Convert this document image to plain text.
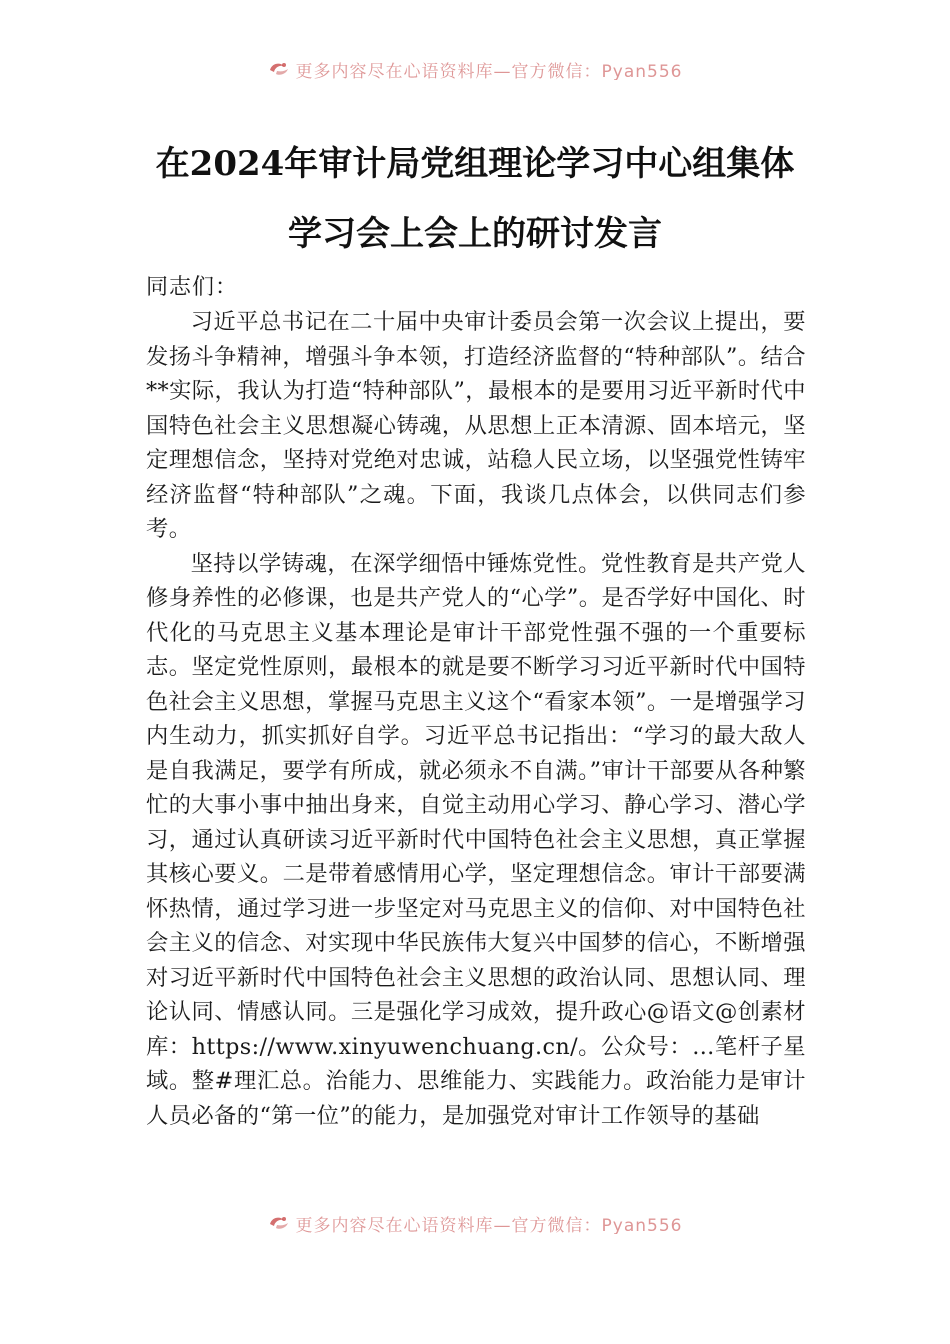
更多内容尽在心语资料库—官方微信：Pyan556
在2024年审计局党组理论学习中心组集体
学习会上会上的研讨发言
同志们：

习近平总书记在二十届中央审计委员会第一次会议上提出，要发扬斗争精神，增强斗争本领，打造经济监督的“特种部队”。结合**实际，我认为打造“特种部队”，最根本的是要用习近平新时代中国特色社会主义思想凝心铸魂，从思想上正本清源、固本培元，坚定理想信念，坚持对党绝对忠诚，站稳人民立场，以坚强党性铸牢经济监督“特种部队”之魂。下面，我谈几点体会，以供同志们参考。

坚持以学铸魂，在深学细悟中锤炼党性。党性教育是共产党人修身养性的必修课，也是共产党人的“心学”。是否学好中国化、时代化的马克思主义基本理论是审计干部党性强不强的一个重要标志。坚定党性原则，最根本的就是要不断学习习近平新时代中国特色社会主义思想，掌握马克思主义这个“看家本领”。一是增强学习内生动力，抓实抓好自学。习近平总书记指出：“学习的最大敌人是自我满足，要学有所成，就必须永不自满。”审计干部要从各种繁忙的大事小事中抽出身来，自觉主动用心学习、静心学习、潜心学习，通过认真研读习近平新时代中国特色社会主义思想，真正掌握其核心要义。二是带着感情用心学，坚定理想信念。审计干部要满怀热情，通过学习进一步坚定对马克思主义的信仰、对中国特色社会主义的信念、对实现中华民族伟大复兴中国梦的信心，不断增强对习近平新时代中国特色社会主义思想的政治认同、思想认同、理论认同、情感认同。三是强化学习成效，提升政心@语文@创素材库：https://www.xinyuwenchuang.cn/。公众号：…笔杆子星域。整#理汇总。治能力、思维能力、实践能力。政治能力是审计人员必备的“第一位”的能力，是加强党对审计工作领导的基础

更多内容尽在心语资料库—官方微信：Pyan556
